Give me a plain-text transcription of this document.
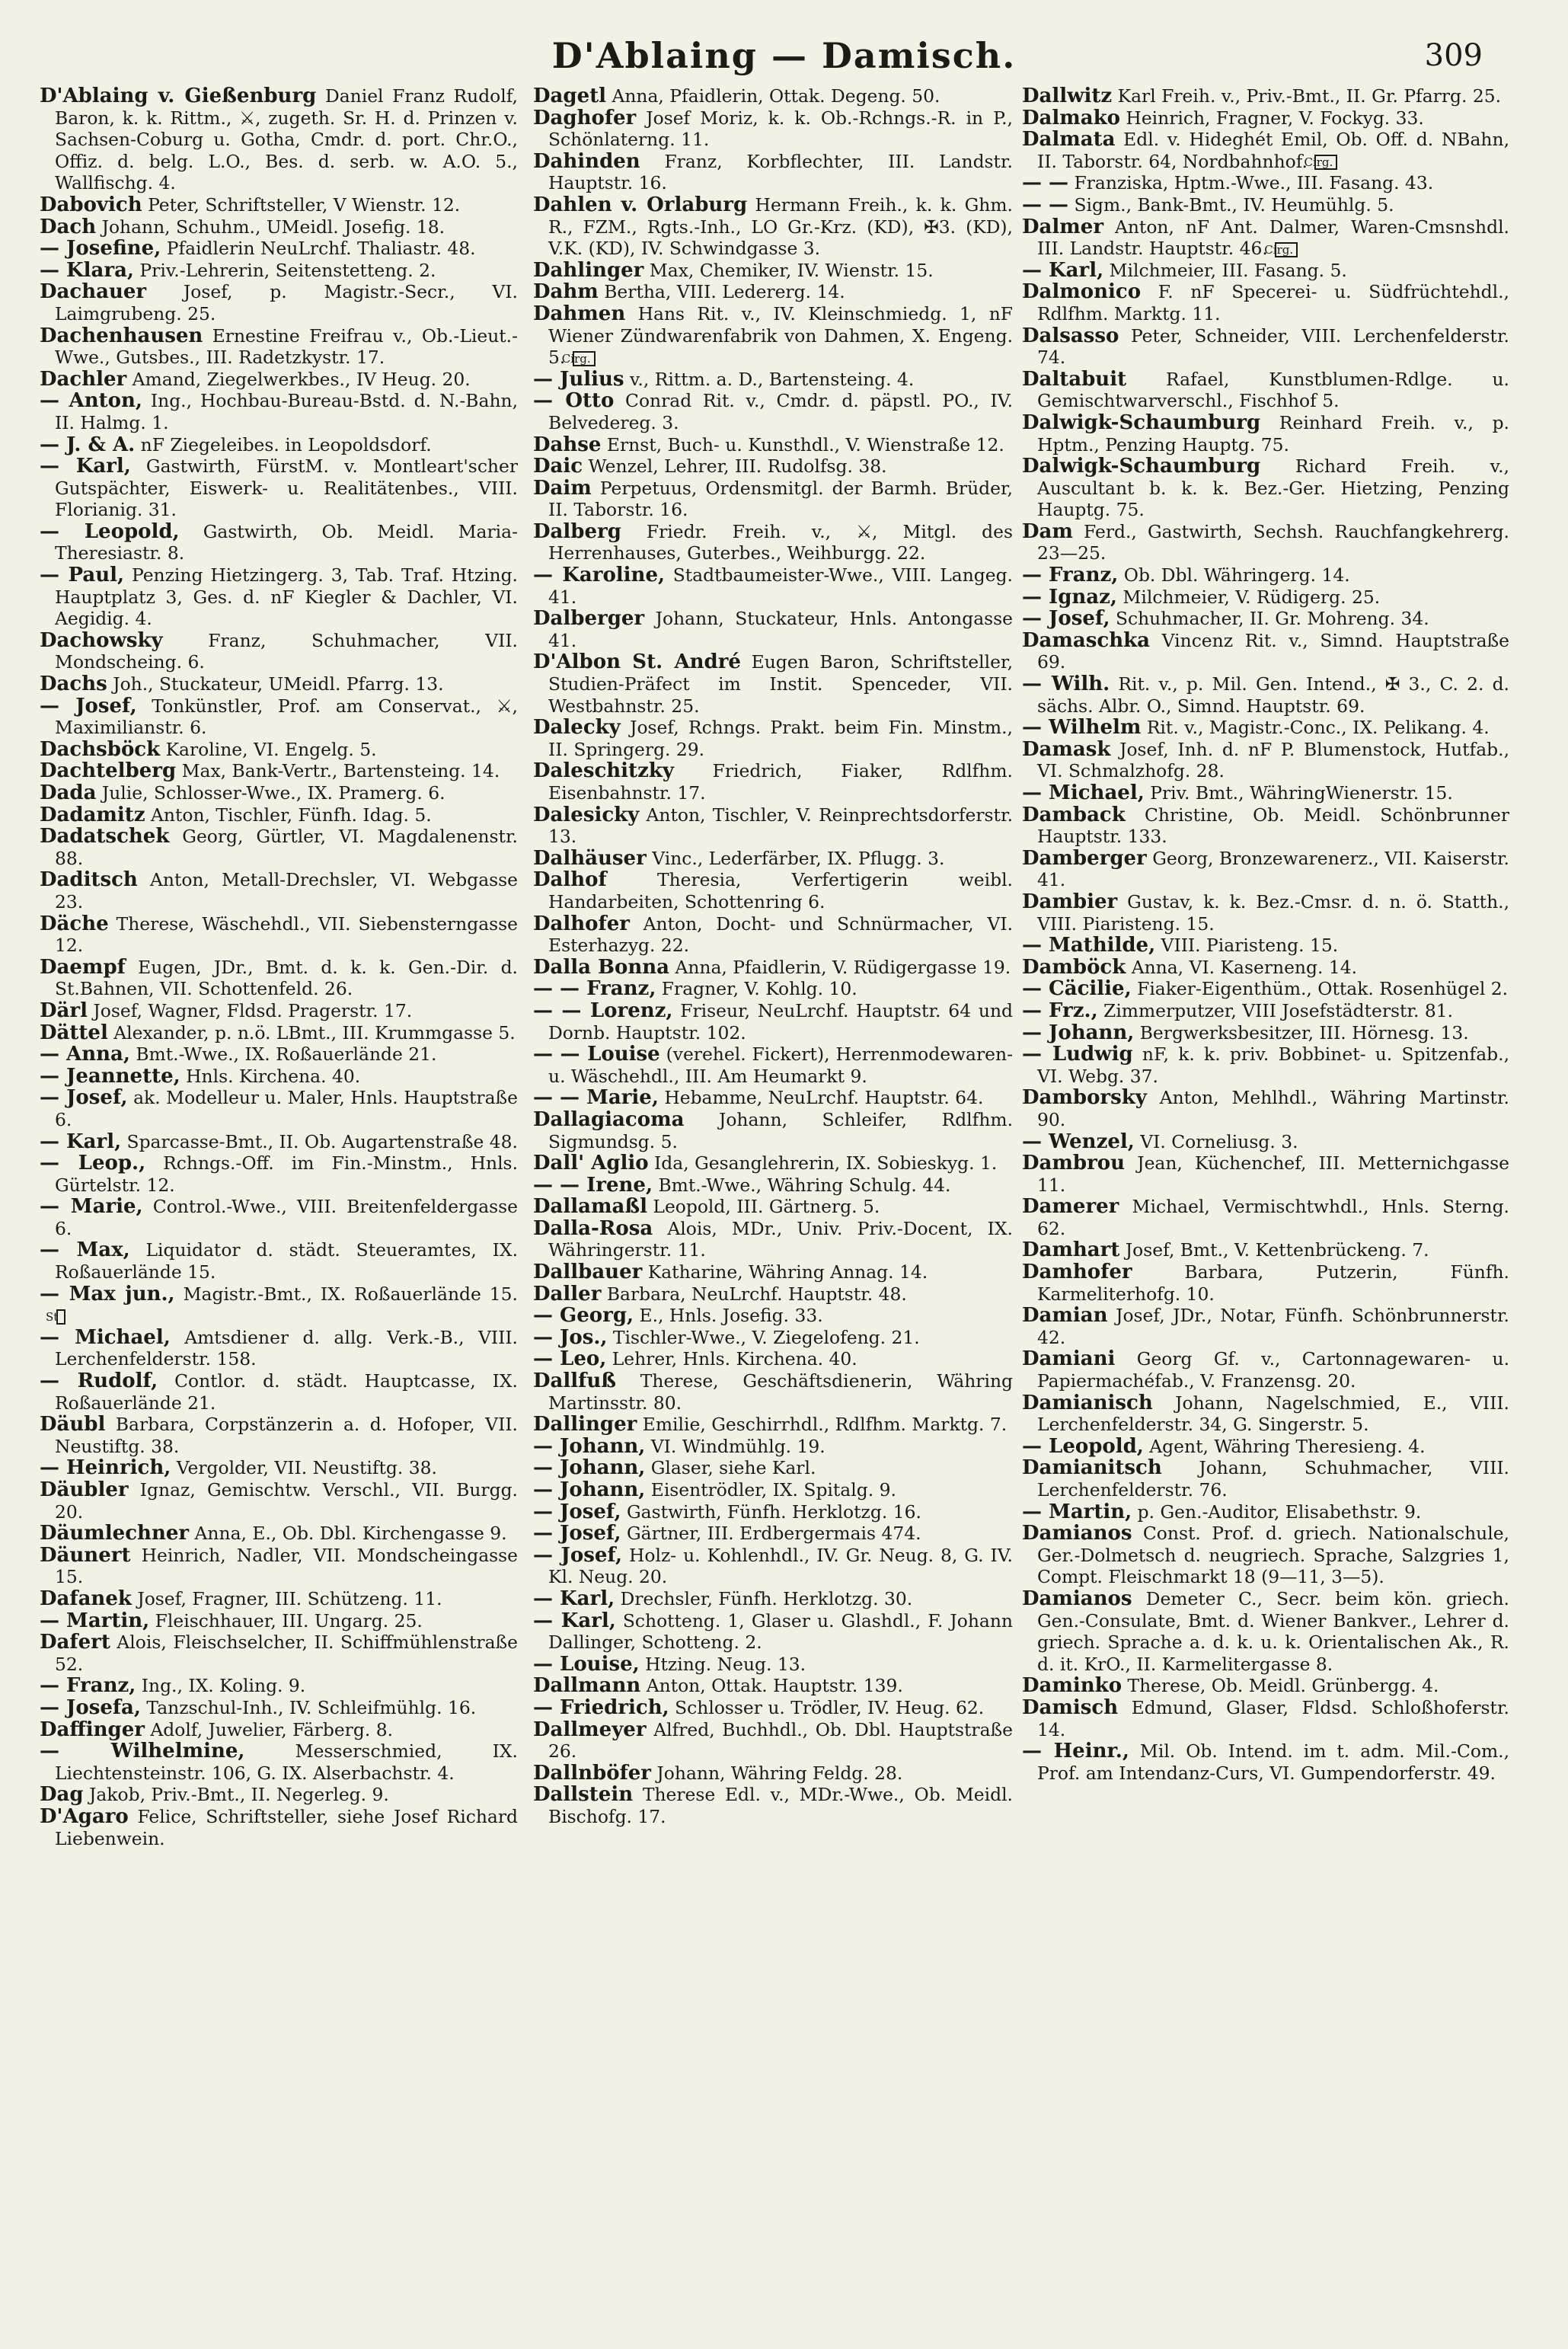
D'Ablaing — Damisch.	309
D'Ablaing v. Gießenburg Daniel Franz Rudolf, Baron, k. k. Rittm., ⚔, zugeth. Sr. H. d. Prinzen v. Sachsen-Coburg u. Gotha, Cmdr. d. port. Chr.O., Offiz. d. belg. L.O., Bes. d. serb. w. A.O. 5., Wallfischg. 4.
Dabovich Peter, Schriftsteller, V Wienstr. 12.
Dach Johann, Schuhm., UMeidl. Josefig. 18.
— Josefine, Pfaidlerin NeuLrchf. Thaliastr. 48.
— Klara, Priv.-Lehrerin, Seitenstetteng. 2.
Dachauer Josef, p. Magistr.-Secr., VI. Laimgrubeng. 25.
Dachenhausen Ernestine Freifrau v., Ob.-Lieut.-Wwe., Gutsbes., III. Radetzkystr. 17.
Dachler Amand, Ziegelwerkbes., IV Heug. 20.
— Anton, Ing., Hochbau-Bureau-Bstd. d. N.-Bahn, II. Halmg. 1.
— J. & A. nF Ziegeleibes. in Leopoldsdorf.
— Karl, Gastwirth, FürstM. v. Montleart'scher Gutspächter, Eiswerk- u. Realitätenbes., VIII. Florianig. 31.
— Leopold, Gastwirth, Ob. Meidl. Maria-Theresiastr. 8.
— Paul, Penzing Hietzingerg. 3, Tab. Traf. Htzing. Hauptplatz 3, Ges. d. nF Kiegler & Dachler, VI. Aegidig. 4.
Dachowsky Franz, Schuhmacher, VII. Mondscheing. 6.
Dachs Joh., Stuckateur, UMeidl. Pfarrg. 13.
— Josef, Tonkünstler, Prof. am Conservat., ⚔, Maximilianstr. 6.
Dachsböck Karoline, VI. Engelg. 5.
Dachtelberg Max, Bank-Vertr., Bartensteing. 14.
Dada Julie, Schlosser-Wwe., IX. Pramerg. 6.
Dadamitz Anton, Tischler, Fünfh. Idag. 5.
Dadatschek Georg, Gürtler, VI. Magdalenenstr. 88.
Daditsch Anton, Metall-Drechsler, VI. Webgasse 23.
Däche Therese, Wäschehdl., VII. Siebensterngasse 12.
Daempf Eugen, JDr., Bmt. d. k. k. Gen.-Dir. d. St.Bahnen, VII. Schottenfeld. 26.
Därl Josef, Wagner, Fldsd. Pragerstr. 17.
Dättel Alexander, p. n.ö. LBmt., III. Krummgasse 5.
— Anna, Bmt.-Wwe., IX. Roßauerlände 21.
— Jeannette, Hnls. Kirchena. 40.
— Josef, ak. Modelleur u. Maler, Hnls. Hauptstraße 6.
— Karl, Sparcasse-Bmt., II. Ob. Augartenstraße 48.
— Leop., Rchngs.-Off. im Fin.-Minstm., Hnls. Gürtelstr. 12.
— Marie, Control.-Wwe., VIII. Breitenfeldergasse 6.
— Max, Liquidator d. städt. Steueramtes, IX. Roßauerlände 15.
— Max jun., Magistr.-Bmt., IX. Roßauerlände 15. St
— Michael, Amtsdiener d. allg. Verk.-B., VIII. Lerchenfelderstr. 158.
— Rudolf, Contlor. d. städt. Hauptcasse, IX. Roßauerlände 21.
Däubl Barbara, Corpstänzerin a. d. Hofoper, VII. Neustiftg. 38.
— Heinrich, Vergolder, VII. Neustiftg. 38.
Däubler Ignaz, Gemischtw. Verschl., VII. Burgg. 20.
Däumlechner Anna, E., Ob. Dbl. Kirchengasse 9.
Däunert Heinrich, Nadler, VII. Mondscheingasse 15.
Dafanek Josef, Fragner, III. Schützeng. 11.
— Martin, Fleischhauer, III. Ungarg. 25.
Dafert Alois, Fleischselcher, II. Schiffmühlenstraße 52.
— Franz, Ing., IX. Koling. 9.
— Josefa, Tanzschul-Inh., IV. Schleifmühlg. 16.
Daffinger Adolf, Juwelier, Färberg. 8.
— Wilhelmine, Messerschmied, IX. Liechtensteinstr. 106, G. IX. Alserbachstr. 4.
Dag Jakob, Priv.-Bmt., II. Negerleg. 9.
D'Agaro Felice, Schriftsteller, siehe Josef Richard Liebenwein.
Dagetl Anna, Pfaidlerin, Ottak. Degeng. 50.
Daghofer Josef Moriz, k. k. Ob.-Rchngs.-R. in P., Schönlaterng. 11.
Dahinden Franz, Korbflechter, III. Landstr. Hauptstr. 16.
Dahlen v. Orlaburg Hermann Freih., k. k. Ghm. R., FZM., Rgts.-Inh., LO Gr.-Krz. (KD), ✠3. (KD), V.K. (KD), IV. Schwindgasse 3.
Dahlinger Max, Chemiker, IV. Wienstr. 15.
Dahm Bertha, VIII. Ledererg. 14.
Dahmen Hans Rit. v., IV. Kleinschmiedg. 1, nF Wiener Zündwarenfabrik von Dahmen, X. Engeng. 5. Cirg.
— Julius v., Rittm. a. D., Bartensteing. 4.
— Otto Conrad Rit. v., Cmdr. d. päpstl. PO., IV. Belvedereg. 3.
Dahse Ernst, Buch- u. Kunsthdl., V. Wienstraße 12.
Daic Wenzel, Lehrer, III. Rudolfsg. 38.
Daim Perpetuus, Ordensmitgl. der Barmh. Brüder, II. Taborstr. 16.
Dalberg Friedr. Freih. v., ⚔, Mitgl. des Herrenhauses, Guterbes., Weihburgg. 22.
— Karoline, Stadtbaumeister-Wwe., VIII. Langeg. 41.
Dalberger Johann, Stuckateur, Hnls. Antongasse 41.
D'Albon St. André Eugen Baron, Schriftsteller, Studien-Präfect im Instit. Spenceder, VII. Westbahnstr. 25.
Dalecky Josef, Rchngs. Prakt. beim Fin. Minstm., II. Springerg. 29.
Daleschitzky Friedrich, Fiaker, Rdlfhm. Eisenbahnstr. 17.
Dalesicky Anton, Tischler, V. Reinprechtsdorferstr. 13.
Dalhäuser Vinc., Lederfärber, IX. Pflugg. 3.
Dalhof Theresia, Verfertigerin weibl. Handarbeiten, Schottenring 6.
Dalhofer Anton, Docht- und Schnürmacher, VI. Esterhazyg. 22.
Dalla Bonna Anna, Pfaidlerin, V. Rüdigergasse 19.
— — Franz, Fragner, V. Kohlg. 10.
— — Lorenz, Friseur, NeuLrchf. Hauptstr. 64 und Dornb. Hauptstr. 102.
— — Louise (verehel. Fickert), Herrenmodewaren- u. Wäschehdl., III. Am Heumarkt 9.
— — Marie, Hebamme, NeuLrchf. Hauptstr. 64.
Dallagiacoma Johann, Schleifer, Rdlfhm. Sigmundsg. 5.
Dall' Aglio Ida, Gesanglehrerin, IX. Sobieskyg. 1.
— — Irene, Bmt.-Wwe., Währing Schulg. 44.
Dallamaßl Leopold, III. Gärtnerg. 5.
Dalla-Rosa Alois, MDr., Univ. Priv.-Docent, IX. Währingerstr. 11.
Dallbauer Katharine, Währing Annag. 14.
Daller Barbara, NeuLrchf. Hauptstr. 48.
— Georg, E., Hnls. Josefig. 33.
— Jos., Tischler-Wwe., V. Ziegelofeng. 21.
— Leo, Lehrer, Hnls. Kirchena. 40.
Dallfuß Therese, Geschäftsdienerin, Währing Martinsstr. 80.
Dallinger Emilie, Geschirrhdl., Rdlfhm. Marktg. 7.
— Johann, VI. Windmühlg. 19.
— Johann, Glaser, siehe Karl.
— Johann, Eisentrödler, IX. Spitalg. 9.
— Josef, Gastwirth, Fünfh. Herklotzg. 16.
— Josef, Gärtner, III. Erdbergermais 474.
— Josef, Holz- u. Kohlenhdl., IV. Gr. Neug. 8, G. IV. Kl. Neug. 20.
— Karl, Drechsler, Fünfh. Herklotzg. 30.
— Karl, Schotteng. 1, Glaser u. Glashdl., F. Johann Dallinger, Schotteng. 2.
— Louise, Htzing. Neug. 13.
Dallmann Anton, Ottak. Hauptstr. 139.
— Friedrich, Schlosser u. Trödler, IV. Heug. 62.
Dallmeyer Alfred, Buchhdl., Ob. Dbl. Hauptstraße 26.
Dallnböfer Johann, Währing Feldg. 28.
Dallstein Therese Edl. v., MDr.-Wwe., Ob. Meidl. Bischofg. 17.
Dallwitz Karl Freih. v., Priv.-Bmt., II. Gr. Pfarrg. 25.
Dalmako Heinrich, Fragner, V. Fockyg. 33.
Dalmata Edl. v. Hideghét Emil, Ob. Off. d. NBahn, II. Taborstr. 64, Nordbahnhof. Cirg.
— — Franziska, Hptm.-Wwe., III. Fasang. 43.
— — Sigm., Bank-Bmt., IV. Heumühlg. 5.
Dalmer Anton, nF Ant. Dalmer, Waren-Cmsnshdl. III. Landstr. Hauptstr. 46. Cirg.
— Karl, Milchmeier, III. Fasang. 5.
Dalmonico F. nF Specerei- u. Südfrüchtehdl., Rdlfhm. Marktg. 11.
Dalsasso Peter, Schneider, VIII. Lerchenfelderstr. 74.
Daltabuit Rafael, Kunstblumen-Rdlge. u. Gemischtwarverschl., Fischhof 5.
Dalwigk-Schaumburg Reinhard Freih. v., p. Hptm., Penzing Hauptg. 75.
Dalwigk-Schaumburg Richard Freih. v., Auscultant b. k. k. Bez.-Ger. Hietzing, Penzing Hauptg. 75.
Dam Ferd., Gastwirth, Sechsh. Rauchfangkehrerg. 23—25.
— Franz, Ob. Dbl. Währingerg. 14.
— Ignaz, Milchmeier, V. Rüdigerg. 25.
— Josef, Schuhmacher, II. Gr. Mohreng. 34.
Damaschka Vincenz Rit. v., Simnd. Hauptstraße 69.
— Wilh. Rit. v., p. Mil. Gen. Intend., ✠ 3., C. 2. d. sächs. Albr. O., Simnd. Hauptstr. 69.
— Wilhelm Rit. v., Magistr.-Conc., IX. Pelikang. 4.
Damask Josef, Inh. d. nF P. Blumenstock, Hutfab., VI. Schmalzhofg. 28.
— Michael, Priv. Bmt., WähringWienerstr. 15.
Damback Christine, Ob. Meidl. Schönbrunner Hauptstr. 133.
Damberger Georg, Bronzewarenerz., VII. Kaiserstr. 41.
Dambier Gustav, k. k. Bez.-Cmsr. d. n. ö. Statth., VIII. Piaristeng. 15.
— Mathilde, VIII. Piaristeng. 15.
Damböck Anna, VI. Kaserneng. 14.
— Cäcilie, Fiaker-Eigenthüm., Ottak. Rosenhügel 2.
— Frz., Zimmerputzer, VIII Josefstädterstr. 81.
— Johann, Bergwerksbesitzer, III. Hörnesg. 13.
— Ludwig nF, k. k. priv. Bobbinet- u. Spitzenfab., VI. Webg. 37.
Damborsky Anton, Mehlhdl., Währing Martinstr. 90.
— Wenzel, VI. Corneliusg. 3.
Dambrou Jean, Küchenchef, III. Metternichgasse 11.
Damerer Michael, Vermischtwhdl., Hnls. Sterng. 62.
Damhart Josef, Bmt., V. Kettenbrückeng. 7.
Damhofer Barbara, Putzerin, Fünfh. Karmeliterhofg. 10.
Damian Josef, JDr., Notar, Fünfh. Schönbrunnerstr. 42.
Damiani Georg Gf. v., Cartonnagewaren- u. Papiermachéfab., V. Franzensg. 20.
Damianisch Johann, Nagelschmied, E., VIII. Lerchenfelderstr. 34, G. Singerstr. 5.
— Leopold, Agent, Währing Theresieng. 4.
Damianitsch Johann, Schuhmacher, VIII. Lerchenfelderstr. 76.
— Martin, p. Gen.-Auditor, Elisabethstr. 9.
Damianos Const. Prof. d. griech. Nationalschule, Ger.-Dolmetsch d. neugriech. Sprache, Salzgries 1, Compt. Fleischmarkt 18 (9—11, 3—5).
Damianos Demeter C., Secr. beim kön. griech. Gen.-Consulate, Bmt. d. Wiener Bankver., Lehrer d. griech. Sprache a. d. k. u. k. Orientalischen Ak., R. d. it. KrO., II. Karmelitergasse 8.
Daminko Therese, Ob. Meidl. Grünbergg. 4.
Damisch Edmund, Glaser, Fldsd. Schloßhoferstr. 14.
— Heinr., Mil. Ob. Intend. im t. adm. Mil.-Com., Prof. am Intendanz-Curs, VI. Gumpendorferstr. 49.
